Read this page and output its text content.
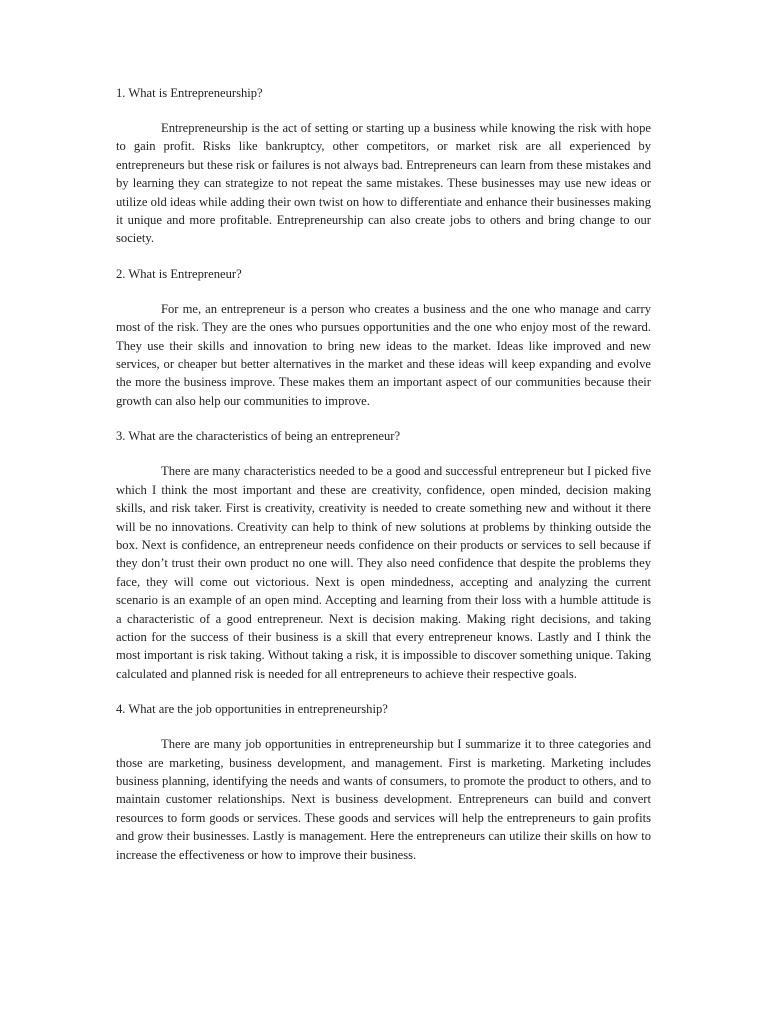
1. What is Entrepreneurship?

Entrepreneurship is the act of setting or starting up a business while knowing the risk with hope to gain profit. Risks like bankruptcy, other competitors, or market risk are all experienced by entrepreneurs but these risk or failures is not always bad. Entrepreneurs can learn from these mistakes and by learning they can strategize to not repeat the same mistakes. These businesses may use new ideas or utilize old ideas while adding their own twist on how to differentiate and enhance their businesses making it unique and more profitable. Entrepreneurship can also create jobs to others and bring change to our society.

2. What is Entrepreneur?

For me, an entrepreneur is a person who creates a business and the one who manage and carry most of the risk. They are the ones who pursues opportunities and the one who enjoy most of the reward. They use their skills and innovation to bring new ideas to the market. Ideas like improved and new services, or cheaper but better alternatives in the market and these ideas will keep expanding and evolve the more the business improve. These makes them an important aspect of our communities because their growth can also help our communities to improve.

3. What are the characteristics of being an entrepreneur?

There are many characteristics needed to be a good and successful entrepreneur but I picked five which I think the most important and these are creativity, confidence, open minded, decision making skills, and risk taker. First is creativity, creativity is needed to create something new and without it there will be no innovations. Creativity can help to think of new solutions at problems by thinking outside the box. Next is confidence, an entrepreneur needs confidence on their products or services to sell because if they don’t trust their own product no one will. They also need confidence that despite the problems they face, they will come out victorious. Next is open mindedness, accepting and analyzing the current scenario is an example of an open mind. Accepting and learning from their loss with a humble attitude is a characteristic of a good entrepreneur. Next is decision making. Making right decisions, and taking action for the success of their business is a skill that every entrepreneur knows. Lastly and I think the most important is risk taking. Without taking a risk, it is impossible to discover something unique. Taking calculated and planned risk is needed for all entrepreneurs to achieve their respective goals.

4. What are the job opportunities in entrepreneurship?

There are many job opportunities in entrepreneurship but I summarize it to three categories and those are marketing, business development, and management. First is marketing. Marketing includes business planning, identifying the needs and wants of consumers, to promote the product to others, and to maintain customer relationships. Next is business development. Entrepreneurs can build and convert resources to form goods or services. These goods and services will help the entrepreneurs to gain profits and grow their businesses. Lastly is management. Here the entrepreneurs can utilize their skills on how to increase the effectiveness or how to improve their business.
